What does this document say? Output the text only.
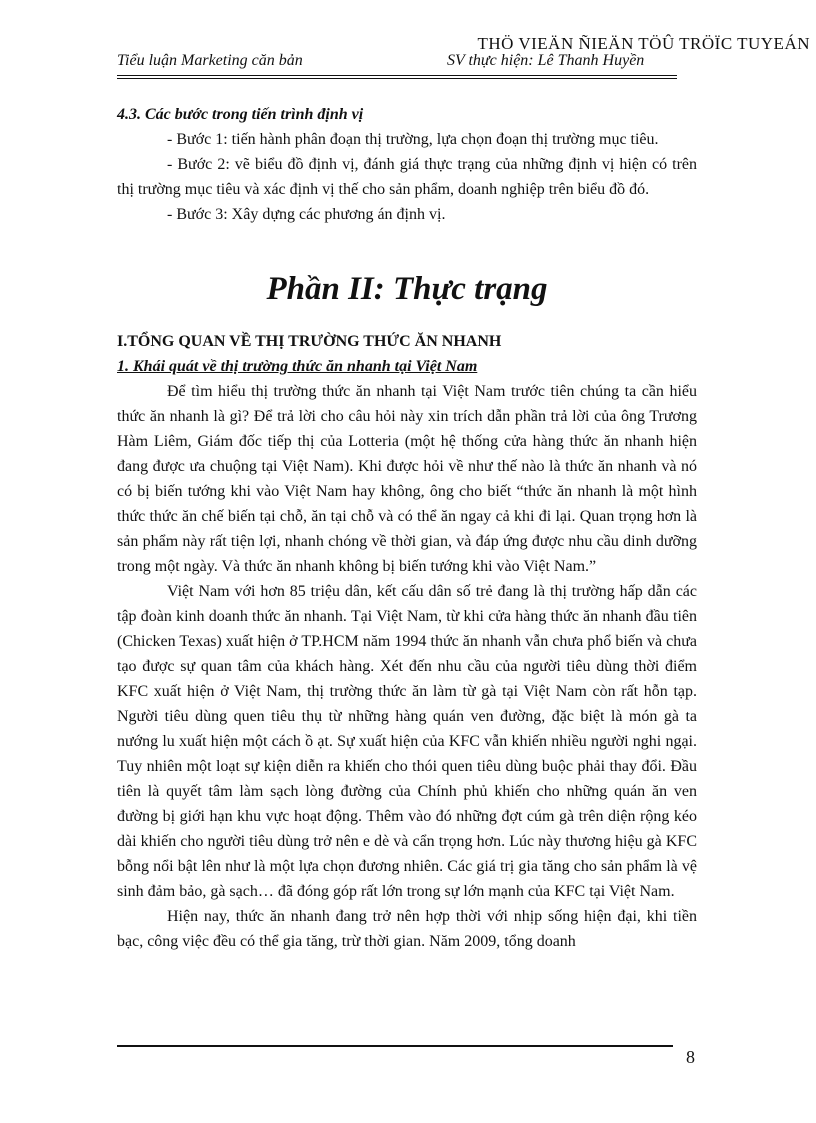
THÖ VIEÄN ÑIEÄN TÖÛ TRÖÏC TUYEÁN
Tiểu luận Marketing căn bản	SV thực hiện: Lê Thanh Huyền

4.3. Các bước trong tiến trình định vị

- Bước 1: tiến hành phân đoạn thị trường, lựa chọn đoạn thị trường mục tiêu.

- Bước 2: vẽ biểu đồ định vị, đánh giá thực trạng của những định vị hiện có trên thị trường mục tiêu và xác định vị thế cho sản phẩm, doanh nghiệp trên biểu đồ đó.

- Bước 3: Xây dựng các phương án định vị.

Phần II: Thực trạng

I.TỔNG QUAN VỀ THỊ TRƯỜNG THỨC ĂN NHANH

1. Khái quát về thị trường thức ăn nhanh tại Việt Nam

Để tìm hiểu thị trường thức ăn nhanh tại Việt Nam trước tiên chúng ta cần hiểu thức ăn nhanh là gì? Để trả lời cho câu hỏi này xin trích dẫn phần trả lời của ông Trương Hàm Liêm, Giám đốc tiếp thị của Lotteria (một hệ thống cửa hàng thức ăn nhanh hiện đang được ưa chuộng tại Việt Nam). Khi được hỏi về như thế nào là thức ăn nhanh và nó có bị biến tướng khi vào Việt Nam hay không, ông cho biết “thức ăn nhanh là một hình thức thức ăn chế biến tại chỗ, ăn tại chỗ và có thể ăn ngay cả khi đi lại. Quan trọng hơn là sản phẩm này rất tiện lợi, nhanh chóng về thời gian, và đáp ứng được nhu cầu dinh dưỡng trong một ngày. Và thức ăn nhanh không bị biến tướng khi vào Việt Nam.”

Việt Nam với hơn 85 triệu dân, kết cấu dân số trẻ đang là thị trường hấp dẫn các tập đoàn kinh doanh thức ăn nhanh. Tại Việt Nam, từ khi cửa hàng thức ăn nhanh đầu tiên (Chicken Texas) xuất hiện ở TP.HCM năm 1994 thức ăn nhanh vẫn chưa phổ biến và chưa tạo được sự quan tâm của khách hàng. Xét đến nhu cầu của người tiêu dùng thời điểm KFC xuất hiện ở Việt Nam, thị trường thức ăn làm từ gà tại Việt Nam còn rất hỗn tạp. Người tiêu dùng quen tiêu thụ từ những hàng quán ven đường, đặc biệt là món gà ta nướng lu xuất hiện một cách ồ ạt. Sự xuất hiện của KFC vẫn khiến nhiều người nghi ngại. Tuy nhiên một loạt sự kiện diễn ra khiến cho thói quen tiêu dùng buộc phải thay đổi. Đầu tiên là quyết tâm làm sạch lòng đường của Chính phủ khiến cho những quán ăn ven đường bị giới hạn khu vực hoạt động. Thêm vào đó những đợt cúm gà trên diện rộng kéo dài khiến cho người tiêu dùng trở nên e dè và cẩn trọng hơn. Lúc này thương hiệu gà KFC bỗng nổi bật lên như là một lựa chọn đương nhiên. Các giá trị gia tăng cho sản phẩm là vệ sinh đảm bảo, gà sạch… đã đóng góp rất lớn trong sự lớn mạnh của KFC tại Việt Nam.

Hiện nay, thức ăn nhanh đang trở nên hợp thời với nhịp sống hiện đại, khi tiền bạc, công việc đều có thể gia tăng, trừ thời gian. Năm 2009, tổng doanh

8
